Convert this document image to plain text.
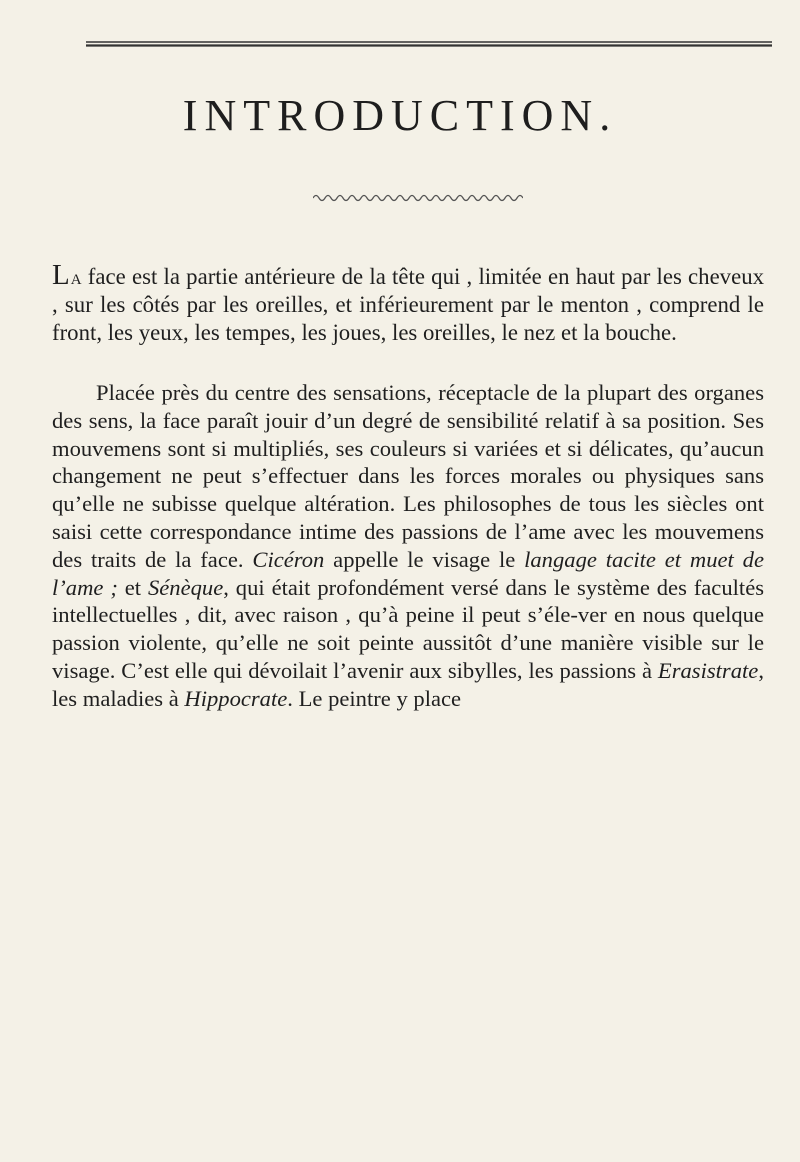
INTRODUCTION.

La face est la partie antérieure de la tête qui , limitée en haut par les cheveux , sur les côtés par les oreilles, et inférieurement par le menton , comprend le front, les yeux, les tempes, les joues, les oreilles, le nez et la bouche.

Placée près du centre des sensations, réceptacle de la plupart des organes des sens, la face paraît jouir d’un degré de sensibilité relatif à sa position. Ses mouvemens sont si multipliés, ses couleurs si variées et si délicates, qu’aucun changement ne peut s’effectuer dans les forces morales ou physiques sans qu’elle ne subisse quelque altération. Les philosophes de tous les siècles ont saisi cette correspondance intime des passions de l’ame avec les mouvemens des traits de la face. Cicéron appelle le visage le langage tacite et muet de l’ame ; et Sénèque, qui était profondément versé dans le système des facultés intellectuelles , dit, avec raison , qu’à peine il peut s’éle-ver en nous quelque passion violente, qu’elle ne soit peinte aussitôt d’une manière visible sur le visage. C’est elle qui dévoilait l’avenir aux sibylles, les passions à Erasistrate, les maladies à Hippocrate. Le peintre y place
